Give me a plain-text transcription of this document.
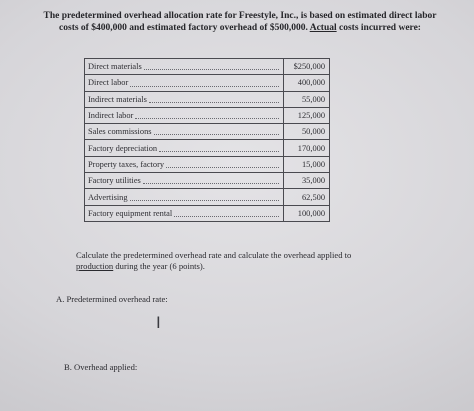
The predetermined overhead allocation rate for Freestyle, Inc., is based on estimated direct labor
costs of $400,000 and estimated factory overhead of $500,000. Actual costs incurred were:
Direct materials	$250,000
Direct labor	400,000
Indirect materials	55,000
Indirect labor	125,000
Sales commissions	50,000
Factory depreciation	170,000
Property taxes, factory	15,000
Factory utilities	35,000
Advertising	62,500
Factory equipment rental	100,000
Calculate the predetermined overhead rate and calculate the overhead applied to
production during the year (6 points).
A. Predetermined overhead rate:
I
B. Overhead applied:
